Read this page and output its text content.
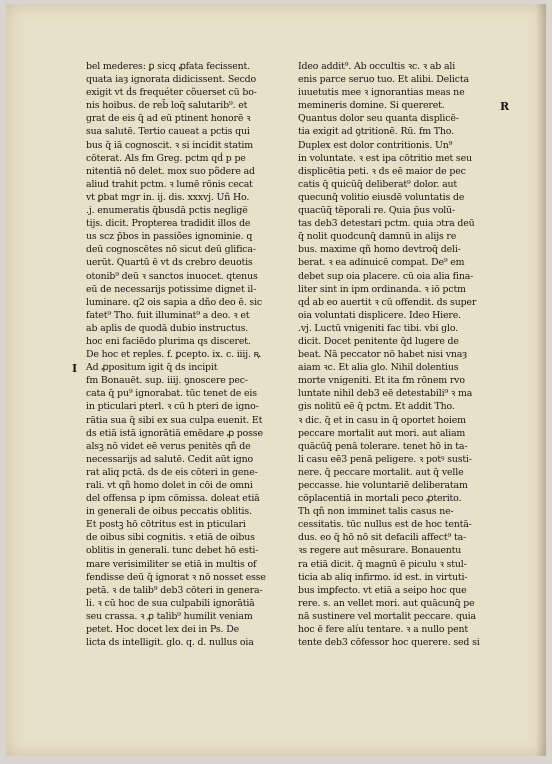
I
R
bel mederes: ꝑ sicq ꝓfata fecissent.
quata iaȝ ignorata didicissent. Secdo
exigit vt ḋs frequéter cõuerset cū bo-
nis hoibus. de reb̄ loq̄ salutarib⁹. et
grat de eis q̄ ad eū ptinent honorē ꝛ
sua salutē. Tertio caueat a pctis qui
bus q̄ iā cognoscit. ꝛ si incidit statim
cōterat. Als fm Greg. pctm qḋ p pe
nitentiā nō delet. mox suo põdere ad
aliud trahit pctm. ꝛ lumē rōnis cecat
vt ꝑbat mgr in. ij. dis. xxxvj. Uñ Ho.
.j. enumeratis q̄busdā pctis neglige̅
tijs. dicit. Propterea tradidit illos de
us scz p̄bos in passiões ignominie. q
deū cognoscētes nō sicut deū glifica-
uerūt. Quartū ē vt ds crebro deuotis
otonib⁹ deū ꝛ sanctos inuocet. qtenus
eū de necessarijs potissime dignet il-
luminare. q2 ois sapia a dño deo ē. sic
fatet⁹ Tho. fuit illuminat⁹ a deo. ꝛ et
ab aplis de quodā dubio instructus.
hoc eni faciēdo plurima qs disceret.
De hoc et reples. f. ꝑcepto. ix. c. iiij. ꝶ
Ad ꝓpositum igit q̄ ds incipit
fm Bonauēt. sup. iiij. ꝯnoscere pec-
cata q̄ pu⁹ ignorabat. tūc tenet de eis
in pticulari pterl. ꝛ cū h pteri de igno-
rātia sua q̄ sibi ex sua culpa euenit. Et
ds etiā istā ignorātiā emēdare ꝓ posse
alsꝫ nō videt eē verus penitēs qñ de
necessarijs ad salutē. Cedit aūt igno
rat aliq pctā. ds de eis cōteri in gene-
rali. vt qñ homo dolet in cōi de omni
del offensa p ipm cōmissa. doleat etiā
in generali de oibus peccatis oblitis.
Et postꝫ hō cōtritus est in pticulari
de oibus sibi cognitis. ꝛ etiā de oibus
oblitis in generali. tunc debet hō esti-
mare verisimiliter se etiā in multis of
fendisse deū q̄ ignorat ꝛ nō nosset esse
petā. ꝛ de talib⁹ deb3 cōteri in genera-
li. ꝛ cū hoc de sua culpabili ignorātiā
seu crassa. ꝛ ꝓ talib⁹ humilit veniam
petet. Hoc docet lex dei in Ps. De
licta ds intelligit. glo. q. d. nullus oia
Ideo addit⁹. Ab occultis ꝛc. ꝛ ab ali
enis parce seruo tuo. Et alibi. Delicta
iuuetutis mee ꝛ ignorantias meas ne
memineris domine. Si quereret.
Quantus dolor seu quanta displicē-
tia exigit ad ꝯtritionē. Rū. fm Tho.
Duplex est dolor contritionis. Un⁹
in voluntate. ꝛ est ipa cōtritio met seu
displicētia peti. ꝛ ds eē maior de pec
catis q̄ quicūq̄ deliberat⁹ dolor. aut
quecunq̄ volitio eiusdē voluntatis de
quacūq̄ tēporali re. Quia p̄us volū-
tas deb3 detestari pctm. quia ɔtra deū
q̄ nolit quodcunq̄ damnū in alijs re
bus. maxime qñ homo devtroq̄ deli-
berat. ꝛ ea adinuicē compat. De⁹ em
debet sup oia placere. cū oia alia fina-
liter sint in ipm ordinanda. ꝛ iō pctm
qḋ ab eo auertit ꝛ cū offendit. ds super
oia voluntati displicere. Ideo Hiere.
.vj. Luctū vnigeniti fac tibi. vbi glo.
dicit. Docet penitente q̄d lugere de
beat. Nā peccator nō habet nisi vnaȝ
aiam ꝛc. Et alia glo. Nihil dolentius
morte vnigeniti. Et ita fm rōnem rvo
luntate nihil deb3 eē detestabili⁹ ꝛ ma
gis nolitū eē q̄ pctm. Et addit Tho.
ꝛ dic. q̄ et in casu in q̄ oportet hoiem
peccare mortalit aut mori. aut aliam
quācūq̄ penā tolerare. tenet hō in ta-
li casu eē3 penā peligere. ꝛ potꝰ susti-
nere. q̄ peccare mortalit. aut q̄ velle
peccasse. hie voluntariē deliberatam
cōplacentiā in mortali peco ꝓterito.
Th qñ non imminet talis casus ne-
cessitatis. tūc nullus est de hoc tentā-
dus. eo q̄ hō nō sit defacili affect⁹ ta-
ꝛs regere aut mēsurare. Bonauentu
ra etiā dicit. q̄ magnū ē piculu ꝛ stul-
ticia ab aliq infirmo. id est. in virtuti-
bus imꝑfecto. vt etiā a seipo hoc que
rere. s. an vellet mori. aut quācunq̄ pe
nā sustinere vel mortalit peccare. quia
hoc ē fere alíu tentare. ꝛ a nullo pent
tente deb3 cōfessor hoc querere. sed si
